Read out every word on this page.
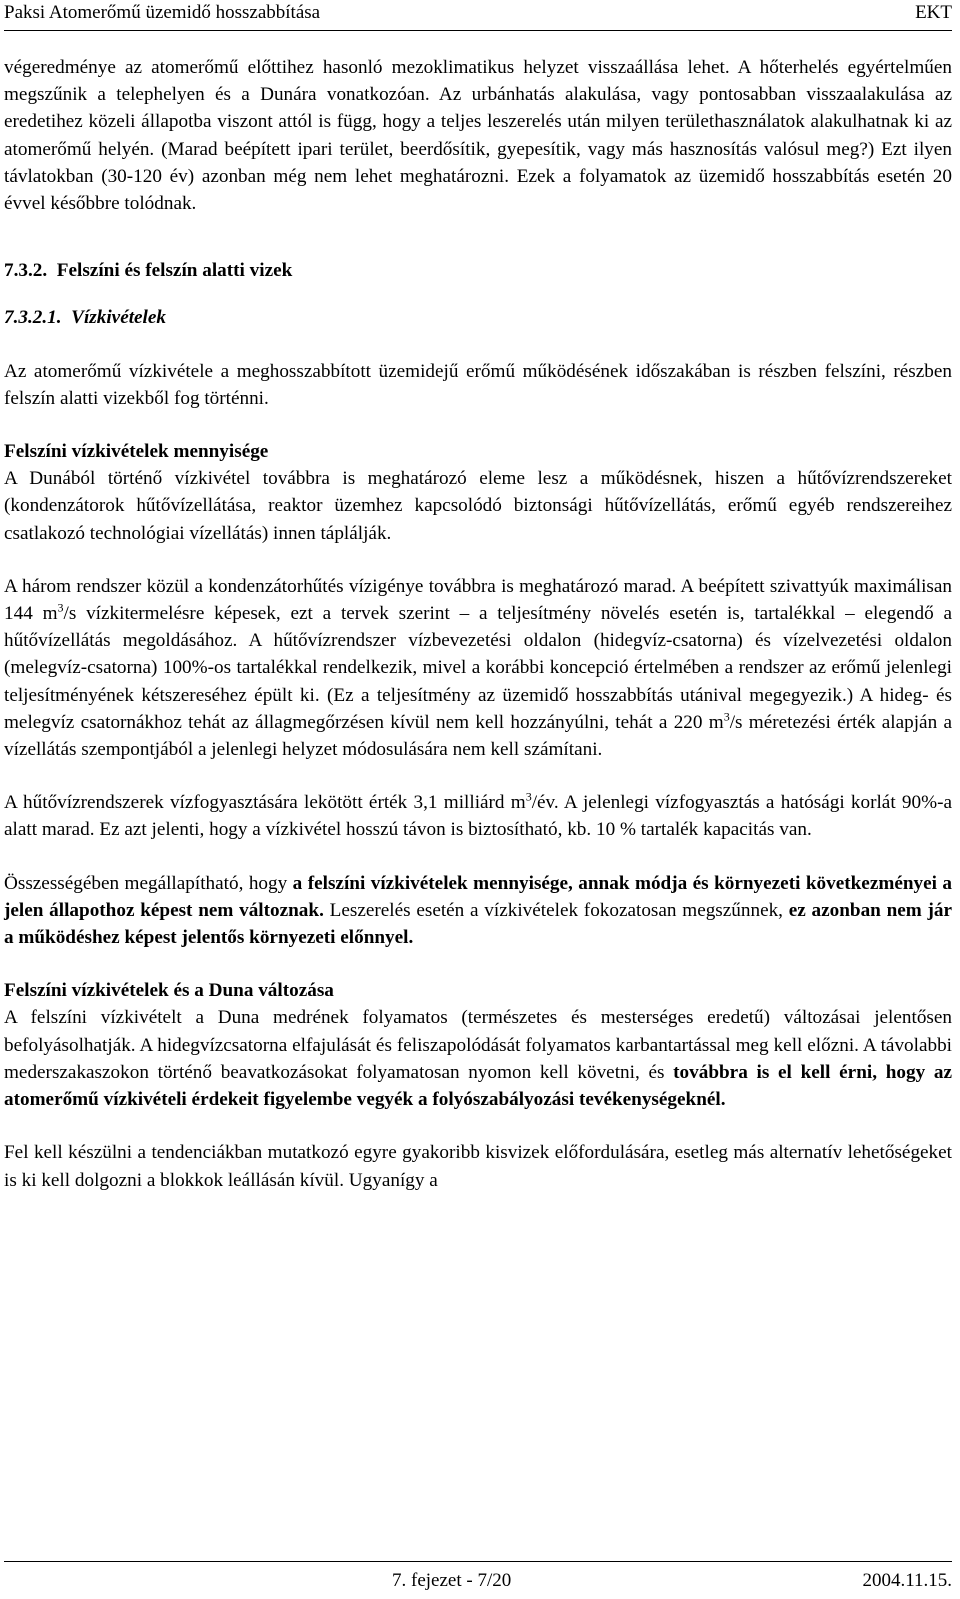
Paksi Atomerőmű üzemidő hosszabbítása	EKT

végeredménye az atomerőmű előttihez hasonló mezoklimatikus helyzet visszaállása lehet. A hőterhelés egyértelműen megszűnik a telephelyen és a Dunára vonatkozóan. Az urbánhatás alakulása, vagy pontosabban visszaalakulása az eredetihez közeli állapotba viszont attól is függ, hogy a teljes leszerelés után milyen területhasználatok alakulhatnak ki az atomerőmű helyén. (Marad beépített ipari terület, beerdősítik, gyepesítik, vagy más hasznosítás valósul meg?) Ezt ilyen távlatokban (30-120 év) azonban még nem lehet meghatározni. Ezek a folyamatok az üzemidő hosszabbítás esetén 20 évvel későbbre tolódnak.

7.3.2. Felszíni és felszín alatti vizek
7.3.2.1. Vízkivételek

Az atomerőmű vízkivétele a meghosszabbított üzemidejű erőmű működésének időszakában is részben felszíni, részben felszín alatti vizekből fog történni.

Felszíni vízkivételek mennyisége

A Dunából történő vízkivétel továbbra is meghatározó eleme lesz a működésnek, hiszen a hűtővízrendszereket (kondenzátorok hűtővízellátása, reaktor üzemhez kapcsolódó biztonsági hűtővízellátás, erőmű egyéb rendszereihez csatlakozó technológiai vízellátás) innen táplálják.

A három rendszer közül a kondenzátorhűtés vízigénye továbbra is meghatározó marad. A beépített szivattyúk maximálisan 144 $m^3/s$ vízkitermelésre képesek, ezt a tervek szerint – a teljesítmény növelés esetén is, tartalékkal – elegendő a hűtővízellátás megoldásához. A hűtővízrendszer vízbevezetési oldalon (hidegvíz-csatorna) és vízelvezetési oldalon (melegvíz-csatorna) 100%-os tartalékkal rendelkezik, mivel a korábbi koncepció értelmében a rendszer az erőmű jelenlegi teljesítményének kétszereséhez épült ki. (Ez a teljesítmény az üzemidő hosszabbítás utánival megegyezik.) A hideg- és melegvíz csatornákhoz tehát az állagmegőrzésen kívül nem kell hozzányúlni, tehát a 220 $m^3/s$ méretezési érték alapján a vízellátás szempontjából a jelenlegi helyzet módosulására nem kell számítani.

A hűtővízrendszerek vízfogyasztására lekötött érték 3,1 milliárd $m^3/év$. A jelenlegi vízfogyasztás a hatósági korlát 90%-a alatt marad. Ez azt jelenti, hogy a vízkivétel hosszú távon is biztosítható, kb. 10 % tartalék kapacitás van.

Összességében megállapítható, hogy a felszíni vízkivételek mennyisége, annak módja és környezeti következményei a jelen állapothoz képest nem változnak. Leszerelés esetén a vízkivételek fokozatosan megszűnnek, ez azonban nem jár a működéshez képest jelentős környezeti előnnyel.

Felszíni vízkivételek és a Duna változása

A felszíni vízkivételt a Duna medrének folyamatos (természetes és mesterséges eredetű) változásai jelentősen befolyásolhatják. A hidegvízcsatorna elfajulását és feliszapolódását folyamatos karbantartással meg kell előzni. A távolabbi mederszakaszokon történő beavatkozásokat folyamatosan nyomon kell követni, és továbbra is el kell érni, hogy az atomerőmű vízkivételi érdekeit figyelembe vegyék a folyószabályozási tevékenységeknél.

Fel kell készülni a tendenciákban mutatkozó egyre gyakoribb kisvizek előfordulására, esetleg más alternatív lehetőségeket is ki kell dolgozni a blokkok leállásán kívül. Ugyanígy a

7. fejezet - 7/20	2004.11.15.
